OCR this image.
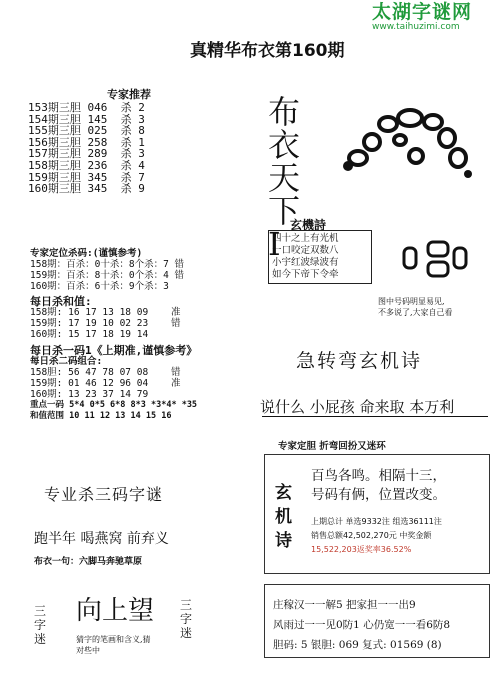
太湖字谜网
www.taihuzimi.com
真精华布衣第160期
专家推荐
153期三胆 046  杀 2
154期三胆 145  杀 3
155期三胆 025  杀 8
156期三胆 258  杀 1
157期三胆 289  杀 3
158期三胆 236  杀 4
159期三胆 345  杀 7
160期三胆 345  杀 9
布
衣
天
下
I
专家定位杀码:(谨慎参考)
158期：百杀：0十杀：8个杀：7 错
159期：百杀：8十杀：0个杀：4 错
160期：百杀：6十杀：9个杀：3
每日杀和值:
158期: 16 17 13 18 09    准
159期: 17 19 10 02 23    错
160期: 15 17 18 19 14
每日杀一码1《上期准,谨慎参考》
每日杀二码组合:
158胆: 56 47 78 07 08    错
159期: 01 46 12 96 04    准
160期: 13 23 37 14 79
重点一码 5*4 0*5 6*8 8*3 *3*4* *35
和值范围 10 11 12 13 14 15 16
玄機詩
四十之上有光机
一口咬定双数八
小宇红波绿波有
如今下帝下令牵
图中号码明显易见,
不多说了,大家自己看
急转弯玄机诗
说什么 小屁孩 命来取 本万利
专家定胆 折弯回扮又迷环
玄
机
诗
百鸟各鸣。相隔十三，
号码有俩，位置改变。
上期总计 单选9332注 组选36111注
销售总额42,502,270元 中奖金额
15,522,203返奖率36.52%
专业杀三码字谜
跑半年 喝燕窝 前弃义
布衣一句：六脚马奔驰草原
三字迷
三字迷
向上望
猜字的笔画和含义,猜
对些中
庄稼汉一一解5 把家担一一出9
风雨过一一见0防1 心仍宽一一看6防8
胆码: 5 银胆: 069 复式: 01569 (8)
